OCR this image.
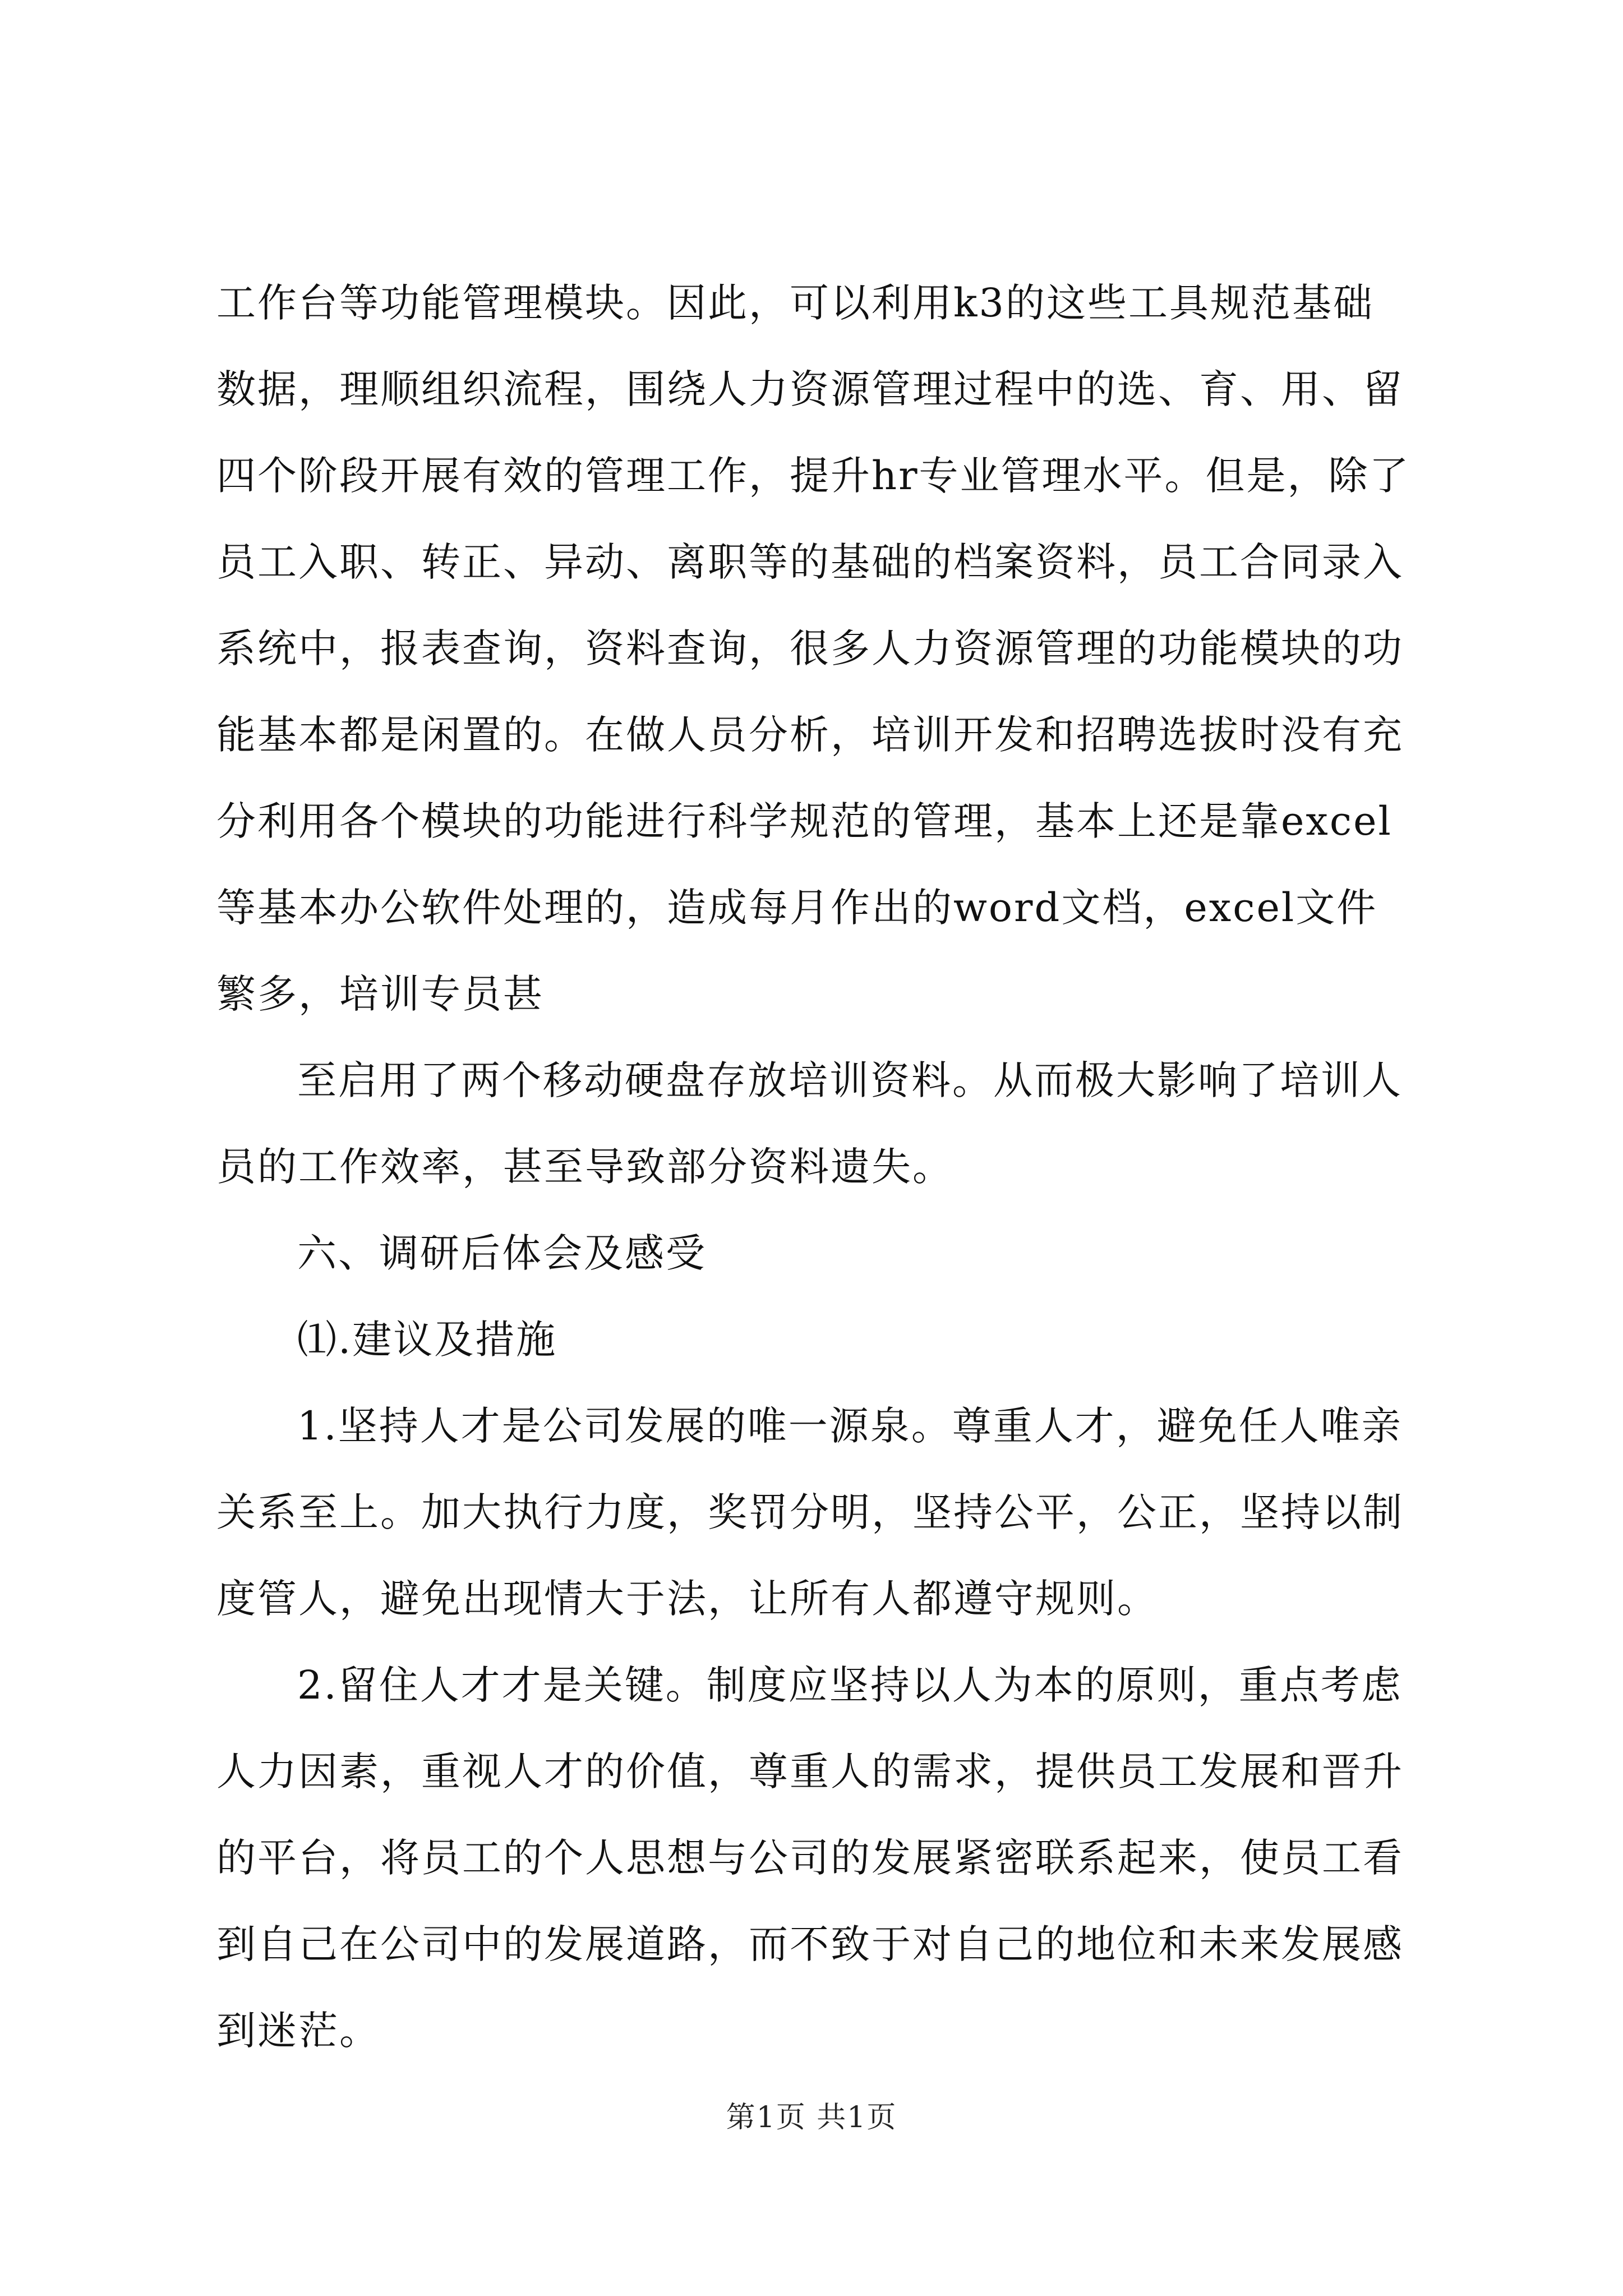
工作台等功能管理模块。因此，可以利用k3的这些工具规范基础数据，理顺组织流程，围绕人力资源管理过程中的选、育、用、留四个阶段开展有效的管理工作，提升hr专业管理水平。但是，除了员工入职、转正、异动、离职等的基础的档案资料，员工合同录入系统中，报表查询，资料查询，很多人力资源管理的功能模块的功能基本都是闲置的。在做人员分析，培训开发和招聘选拔时没有充分利用各个模块的功能进行科学规范的管理，基本上还是靠excel等基本办公软件处理的，造成每月作出的word文档，excel文件繁多，培训专员甚

至启用了两个移动硬盘存放培训资料。从而极大影响了培训人员的工作效率，甚至导致部分资料遗失。

六、调研后体会及感受

⑴.建议及措施

1.坚持人才是公司发展的唯一源泉。尊重人才，避免任人唯亲关系至上。加大执行力度，奖罚分明，坚持公平，公正，坚持以制度管人，避免出现情大于法，让所有人都遵守规则。

2.留住人才才是关键。制度应坚持以人为本的原则，重点考虑人力因素，重视人才的价值，尊重人的需求，提供员工发展和晋升的平台，将员工的个人思想与公司的发展紧密联系起来，使员工看到自己在公司中的发展道路，而不致于对自己的地位和未来发展感到迷茫。

第1页 共1页
